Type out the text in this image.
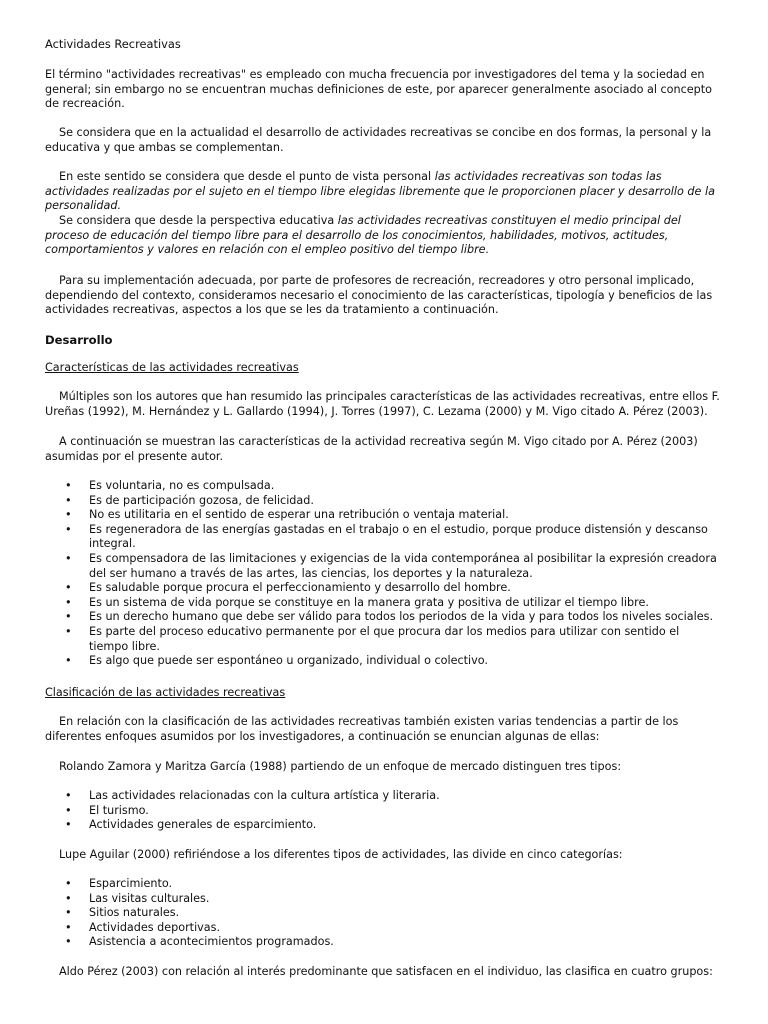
Actividades Recreativas

El término "actividades recreativas" es empleado con mucha frecuencia por investigadores del tema y la sociedad en general; sin embargo no se encuentran muchas definiciones de este, por aparecer generalmente asociado al concepto de recreación.

Se considera que en la actualidad el desarrollo de actividades recreativas se concibe en dos formas, la personal y la educativa y que ambas se complementan.

En este sentido se considera que desde el punto de vista personal las actividades recreativas son todas las actividades realizadas por el sujeto en el tiempo libre elegidas libremente que le proporcionen placer y desarrollo de la personalidad.

Se considera que desde la perspectiva educativa las actividades recreativas constituyen el medio principal del proceso de educación del tiempo libre para el desarrollo de los conocimientos, habilidades, motivos, actitudes, comportamientos y valores en relación con el empleo positivo del tiempo libre.

Para su implementación adecuada, por parte de profesores de recreación, recreadores y otro personal implicado, dependiendo del contexto, consideramos necesario el conocimiento de las características, tipología y beneficios de las actividades recreativas, aspectos a los que se les da tratamiento a continuación.

Desarrollo

Características de las actividades recreativas

Múltiples son los autores que han resumido las principales características de las actividades recreativas, entre ellos F. Ureñas (1992), M. Hernández y L. Gallardo (1994), J. Torres (1997), C. Lezama (2000) y M. Vigo citado A. Pérez (2003).

A continuación se muestran las características de la actividad recreativa según M. Vigo citado por A. Pérez (2003) asumidas por el presente autor.

• Es voluntaria, no es compulsada.
• Es de participación gozosa, de felicidad.
• No es utilitaria en el sentido de esperar una retribución o ventaja material.
• Es regeneradora de las energías gastadas en el trabajo o en el estudio, porque produce distensión y descanso integral.
• Es compensadora de las limitaciones y exigencias de la vida contemporánea al posibilitar la expresión creadora del ser humano a través de las artes, las ciencias, los deportes y la naturaleza.
• Es saludable porque procura el perfeccionamiento y desarrollo del hombre.
• Es un sistema de vida porque se constituye en la manera grata y positiva de utilizar el tiempo libre.
• Es un derecho humano que debe ser válido para todos los periodos de la vida y para todos los niveles sociales.
• Es parte del proceso educativo permanente por el que procura dar los medios para utilizar con sentido el tiempo libre.
• Es algo que puede ser espontáneo u organizado, individual o colectivo.

Clasificación de las actividades recreativas

En relación con la clasificación de las actividades recreativas también existen varias tendencias a partir de los diferentes enfoques asumidos por los investigadores, a continuación se enuncian algunas de ellas:

Rolando Zamora y Maritza García (1988) partiendo de un enfoque de mercado distinguen tres tipos:

• Las actividades relacionadas con la cultura artística y literaria.
• El turismo.
• Actividades generales de esparcimiento.

Lupe Aguilar (2000) refiriéndose a los diferentes tipos de actividades, las divide en cinco categorías:

• Esparcimiento.
• Las visitas culturales.
• Sitios naturales.
• Actividades deportivas.
• Asistencia a acontecimientos programados.

Aldo Pérez (2003) con relación al interés predominante que satisfacen en el individuo, las clasifica en cuatro grupos:
